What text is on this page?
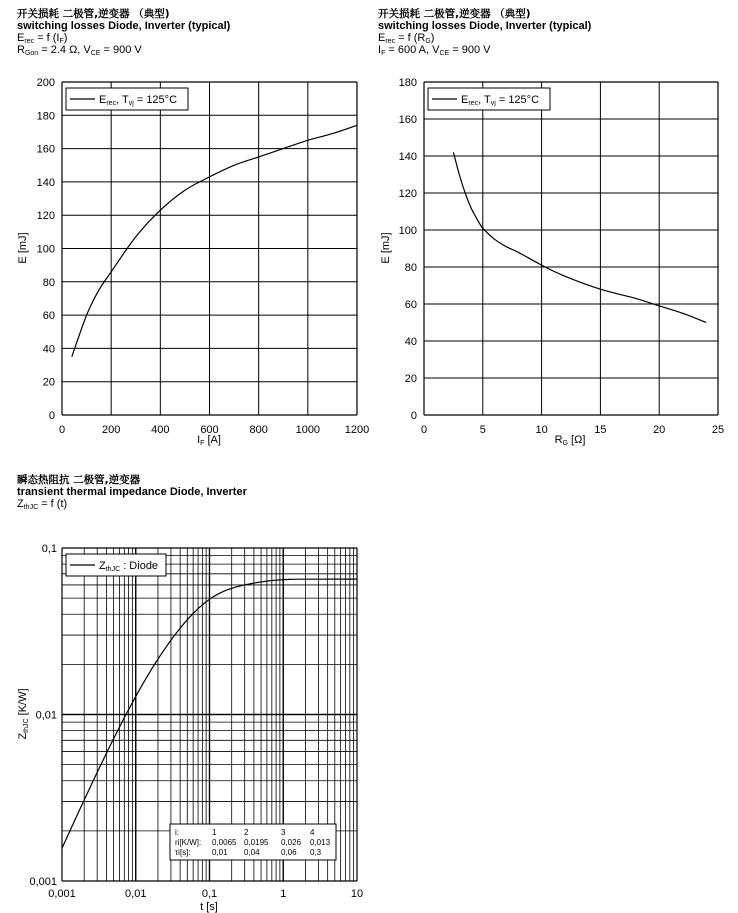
开关损耗 二极管,逆变器 （典型)
switching losses Diode, Inverter (typical)
$E_{rec} = f$ $(I_F)$
$R_{Gon} = 2.4$ Ω, $V_{CE} = 900$ V
开关损耗 二极管,逆变器 （典型)
switching losses Diode, Inverter (typical)
$E_{rec} = f$ $(R_G)$
$I_F = 600$ A, $V_{CE} = 900$ V
瞬态热阻抗 二极管,逆变器
transient thermal impedance Diode, Inverter
$Z_{thJC} = f$ (t)
0	200	400	600	800	1000 1200
0
20
40
60
80
100
120
140
160
180
200
IF [A]
E [mJ]
Erec, Tvj = 125°C
0	5	10	15	20	25
0
20
40
60
80
100
120
140
160
180
RG [Ω]
E [mJ]
Erec, Tvj = 125°C
0,001	0,01	0,1	1	10
0,001
0,01
0,1
t [s]
ZthJC [K/W]
ZthJC : Diode
i:	1	2	3	4
ri[K/W]: 0,0065 0,0195 0,026 0,013
τi[s]:	0,01 0,04	0,06 0,3
